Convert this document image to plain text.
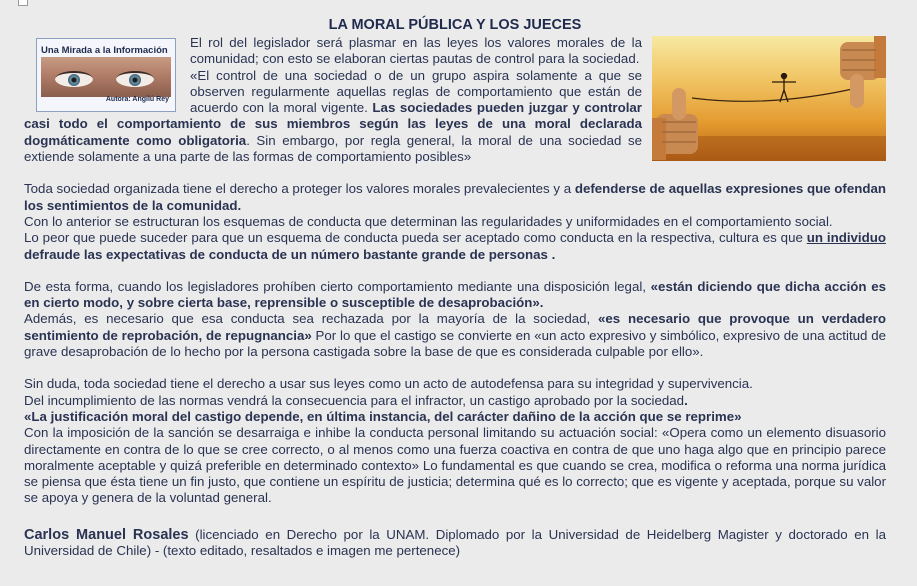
LA MORAL PÚBLICA Y LOS JUECES
Una Mirada a la Información
Autora: Angilú Rey

El rol del legislador será plasmar en las leyes los valores morales de la comunidad; con esto se elaboran ciertas pautas de control para la sociedad.
«El control de una sociedad o de un grupo aspira solamente a que se observen regularmente aquellas reglas de comportamiento que están de acuerdo con la moral vigente. Las sociedades pueden juzgar y controlar casi todo el comportamiento de sus miembros según las leyes de una moral declarada dogmáticamente como obligatoria. Sin embargo, por regla general, la moral de una sociedad se extiende solamente a una parte de las formas de comportamiento posibles»

Toda sociedad organizada tiene el derecho a proteger los valores morales prevalecientes y a defenderse de aquellas expresiones que ofendan los sentimientos de la comunidad.
Con lo anterior se estructuran los esquemas de conducta que determinan las regularidades y uniformidades en el comportamiento social.
Lo peor que puede suceder para que un esquema de conducta pueda ser aceptado como conducta en la respectiva, cultura es que un individuo defraude las expectativas de conducta de un número bastante grande de personas .

De esta forma, cuando los legisladores prohíben cierto comportamiento mediante una disposición legal, «están diciendo que dicha acción es en cierto modo, y sobre cierta base, reprensible o susceptible de desaprobación».
Además, es necesario que esa conducta sea rechazada por la mayoría de la sociedad, «es necesario que provoque un verdadero sentimiento de reprobación, de repugnancia» Por lo que el castigo se convierte en «un acto expresivo y simbólico, expresivo de una actitud de grave desaprobación de lo hecho por la persona castigada sobre la base de que es considerada culpable por ello».

Sin duda, toda sociedad tiene el derecho a usar sus leyes como un acto de autodefensa para su integridad y supervivencia.
Del incumplimiento de las normas vendrá la consecuencia para el infractor, un castigo aprobado por la sociedad.
«La justificación moral del castigo depende, en última instancia, del carácter dañino de la acción que se reprime»
Con la imposición de la sanción se desarraiga e inhibe la conducta personal limitando su actuación social: «Opera como un elemento disuasorio directamente en contra de lo que se cree correcto, o al menos como una fuerza coactiva en contra de que uno haga algo que en principio parece moralmente aceptable y quizá preferible en determinado contexto» Lo fundamental es que cuando se crea, modifica o reforma una norma jurídica se piensa que ésta tiene un fin justo, que contiene un espíritu de justicia; determina qué es lo correcto; que es vigente y aceptada, porque su valor se apoya y genera de la voluntad general.

Carlos Manuel Rosales (licenciado en Derecho por la UNAM. Diplomado por la Universidad de Heidelberg Magister y doctorado en la Universidad de Chile) - (texto editado, resaltados e imagen me pertenece)
